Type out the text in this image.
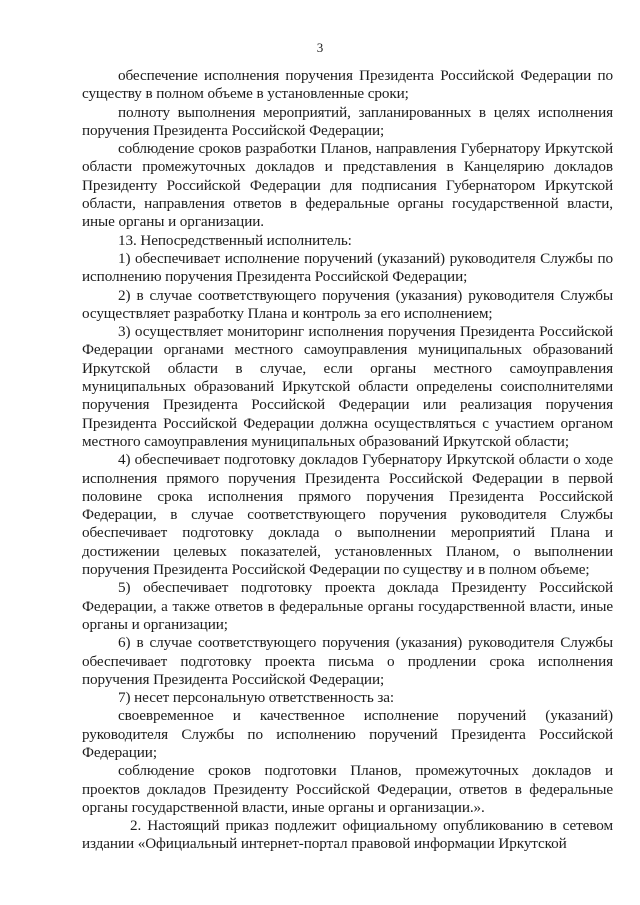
3

обеспечение исполнения поручения Президента Российской Федерации по существу в полном объеме в установленные сроки;

полноту выполнения мероприятий, запланированных в целях исполнения поручения Президента Российской Федерации;

соблюдение сроков разработки Планов, направления Губернатору Иркутской области промежуточных докладов и представления в Канцелярию докладов Президенту Российской Федерации для подписания Губернатором Иркутской области, направления ответов в федеральные органы государственной власти, иные органы и организации.

13. Непосредственный исполнитель:

1) обеспечивает исполнение поручений (указаний) руководителя Службы по исполнению поручения Президента Российской Федерации;

2) в случае соответствующего поручения (указания) руководителя Службы осуществляет разработку Плана и контроль за его исполнением;

3) осуществляет мониторинг исполнения поручения Президента Российской Федерации органами местного самоуправления муниципальных образований Иркутской области в случае, если органы местного самоуправления муниципальных образований Иркутской области определены соисполнителями поручения Президента Российской Федерации или реализация поручения Президента Российской Федерации должна осуществляться с участием органом местного самоуправления муниципальных образований Иркутской области;

4) обеспечивает подготовку докладов Губернатору Иркутской области о ходе исполнения прямого поручения Президента Российской Федерации в первой половине срока исполнения прямого поручения Президента Российской Федерации, в случае соответствующего поручения руководителя Службы обеспечивает подготовку доклада о выполнении мероприятий Плана и достижении целевых показателей, установленных Планом, о выполнении поручения Президента Российской Федерации по существу и в полном объеме;

5) обеспечивает подготовку проекта доклада Президенту Российской Федерации, а также ответов в федеральные органы государственной власти, иные органы и организации;

6) в случае соответствующего поручения (указания) руководителя Службы обеспечивает подготовку проекта письма о продлении срока исполнения поручения Президента Российской Федерации;

7) несет персональную ответственность за:

своевременное и качественное исполнение поручений (указаний) руководителя Службы по исполнению поручений Президента Российской Федерации;

соблюдение сроков подготовки Планов, промежуточных докладов и проектов докладов Президенту Российской Федерации, ответов в федеральные органы государственной власти, иные органы и организации.».

2. Настоящий приказ подлежит официальному опубликованию в сетевом издании «Официальный интернет-портал правовой информации Иркутской
